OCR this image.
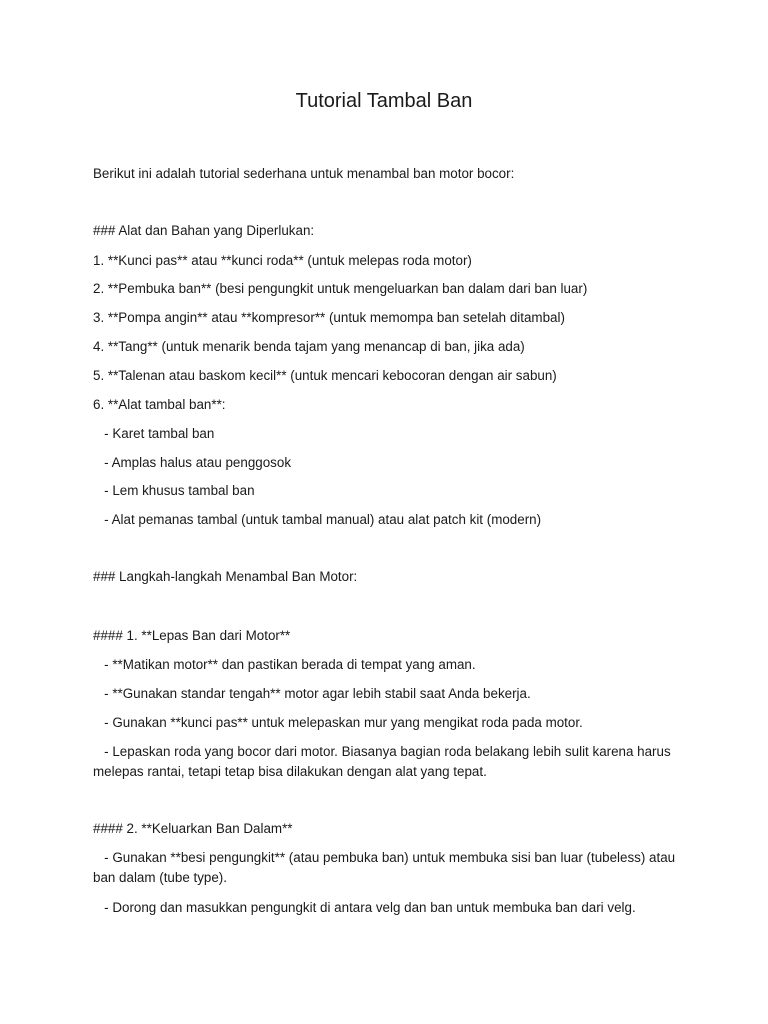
Tutorial Tambal Ban

Berikut ini adalah tutorial sederhana untuk menambal ban motor bocor:

### Alat dan Bahan yang Diperlukan:

1. **Kunci pas** atau **kunci roda** (untuk melepas roda motor)

2. **Pembuka ban** (besi pengungkit untuk mengeluarkan ban dalam dari ban luar)

3. **Pompa angin** atau **kompresor** (untuk memompa ban setelah ditambal)

4. **Tang** (untuk menarik benda tajam yang menancap di ban, jika ada)

5. **Talenan atau baskom kecil** (untuk mencari kebocoran dengan air sabun)

6. **Alat tambal ban**:

- Karet tambal ban

- Amplas halus atau penggosok

- Lem khusus tambal ban

- Alat pemanas tambal (untuk tambal manual) atau alat patch kit (modern)

### Langkah-langkah Menambal Ban Motor:

#### 1. **Lepas Ban dari Motor**

- **Matikan motor** dan pastikan berada di tempat yang aman.

- **Gunakan standar tengah** motor agar lebih stabil saat Anda bekerja.

- Gunakan **kunci pas** untuk melepaskan mur yang mengikat roda pada motor.

- Lepaskan roda yang bocor dari motor. Biasanya bagian roda belakang lebih sulit karena harus melepas rantai, tetapi tetap bisa dilakukan dengan alat yang tepat.

#### 2. **Keluarkan Ban Dalam**

- Gunakan **besi pengungkit** (atau pembuka ban) untuk membuka sisi ban luar (tubeless) atau ban dalam (tube type).

- Dorong dan masukkan pengungkit di antara velg dan ban untuk membuka ban dari velg.
